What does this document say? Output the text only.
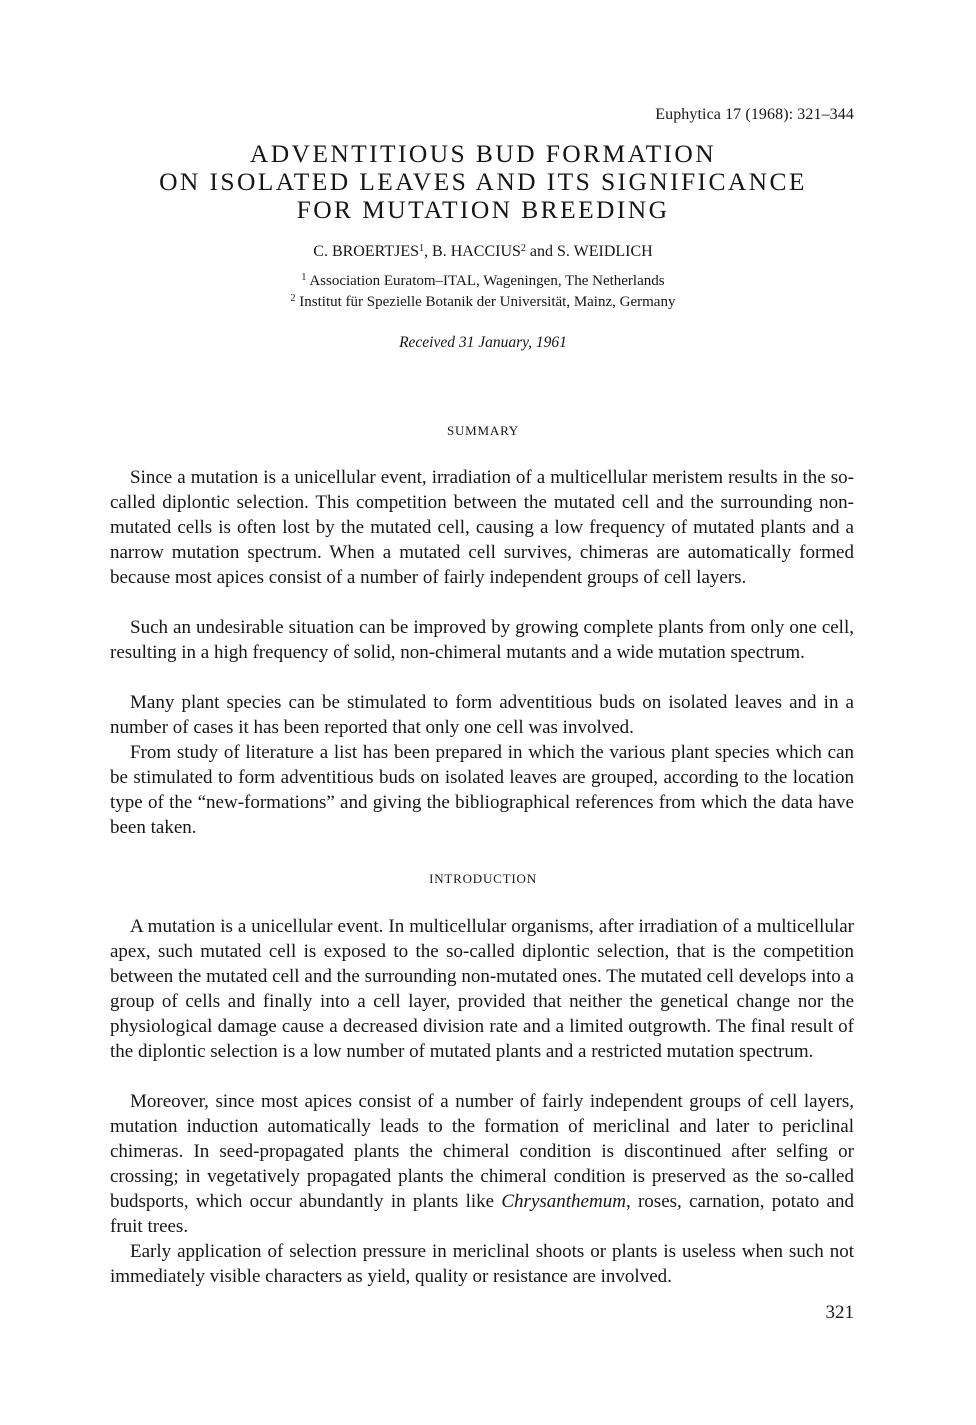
Euphytica 17 (1968): 321–344
ADVENTITIOUS BUD FORMATION
ON ISOLATED LEAVES AND ITS SIGNIFICANCE
FOR MUTATION BREEDING
C. BROERTJES$^1$, B. HACCIUS$^2$ and S. WEIDLICH
$^1$ Association Euratom–ITAL, Wageningen, The Netherlands
$^2$ Institut für Spezielle Botanik der Universität, Mainz, Germany
Received 31 January, 1961
SUMMARY

Since a mutation is a unicellular event, irradiation of a multicellular meristem results in the so-called diplontic selection. This competition between the mutated cell and the surrounding non-mutated cells is often lost by the mutated cell, causing a low frequency of mutated plants and a narrow mutation spectrum. When a mutated cell survives, chimeras are automatically formed because most apices consist of a number of fairly independent groups of cell layers.

Such an undesirable situation can be improved by growing complete plants from only one cell, resulting in a high frequency of solid, non-chimeral mutants and a wide mutation spectrum.

Many plant species can be stimulated to form adventitious buds on isolated leaves and in a number of cases it has been reported that only one cell was involved.

From study of literature a list has been prepared in which the various plant species which can be stimulated to form adventitious buds on isolated leaves are grouped, according to the location type of the “new-formations” and giving the bibliographical references from which the data have been taken.

INTRODUCTION

A mutation is a unicellular event. In multicellular organisms, after irradiation of a multicellular apex, such mutated cell is exposed to the so-called diplontic selection, that is the competition between the mutated cell and the surrounding non-mutated ones. The mutated cell develops into a group of cells and finally into a cell layer, provided that neither the genetical change nor the physiological damage cause a decreased division rate and a limited outgrowth. The final result of the diplontic selection is a low number of mutated plants and a restricted mutation spectrum.

Moreover, since most apices consist of a number of fairly independent groups of cell layers, mutation induction automatically leads to the formation of mericlinal and later to periclinal chimeras. In seed-propagated plants the chimeral condition is discontinued after selfing or crossing; in vegetatively propagated plants the chimeral condition is preserved as the so-called budsports, which occur abundantly in plants like Chrysanthemum, roses, carnation, potato and fruit trees.

Early application of selection pressure in mericlinal shoots or plants is useless when such not immediately visible characters as yield, quality or resistance are involved.

321
